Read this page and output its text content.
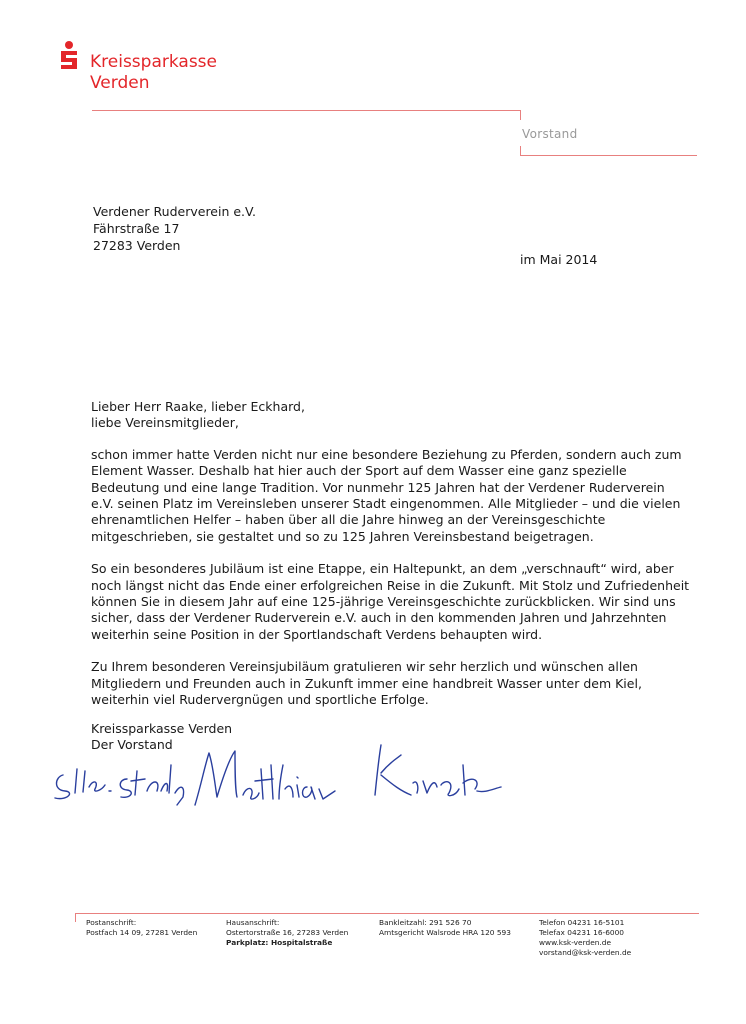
Kreissparkasse
Verden
Vorstand
Verdener Ruderverein e.V.
Fährstraße 17
27283 Verden
im Mai 2014

Lieber Herr Raake, lieber Eckhard,
liebe Vereinsmitglieder,

schon immer hatte Verden nicht nur eine besondere Beziehung zu Pferden, sondern auch zum Element Wasser. Deshalb hat hier auch der Sport auf dem Wasser eine ganz spezielle Bedeutung und eine lange Tradition. Vor nunmehr 125 Jahren hat der Verdener Ruderverein e.V. seinen Platz im Vereinsleben unserer Stadt eingenommen. Alle Mitglieder – und die vielen ehrenamtlichen Helfer – haben über all die Jahre hinweg an der Vereinsgeschichte mitgeschrieben, sie gestaltet und so zu 125 Jahren Vereinsbestand beigetragen.

So ein besonderes Jubiläum ist eine Etappe, ein Haltepunkt, an dem „verschnauft“ wird, aber noch längst nicht das Ende einer erfolgreichen Reise in die Zukunft. Mit Stolz und Zufriedenheit können Sie in diesem Jahr auf eine 125-jährige Vereinsgeschichte zurückblicken. Wir sind uns sicher, dass der Verdener Ruderverein e.V. auch in den kommenden Jahren und Jahrzehnten weiterhin seine Position in der Sportlandschaft Verdens behaupten wird.

Zu Ihrem besonderen Vereinsjubiläum gratulieren wir sehr herzlich und wünschen allen Mitgliedern und Freunden auch in Zukunft immer eine handbreit Wasser unter dem Kiel, weiterhin viel Rudervergnügen und sportliche Erfolge.

Kreissparkasse Verden
Der Vorstand
Postanschrift:
Postfach 14 09, 27281 Verden
Hausanschrift:
Ostertorstraße 16, 27283 Verden
Parkplatz: Hospitalstraße
Bankleitzahl: 291 526 70
Amtsgericht Walsrode HRA 120 593
Telefon 04231 16-5101
Telefax 04231 16-6000
www.ksk-verden.de
vorstand@ksk-verden.de
